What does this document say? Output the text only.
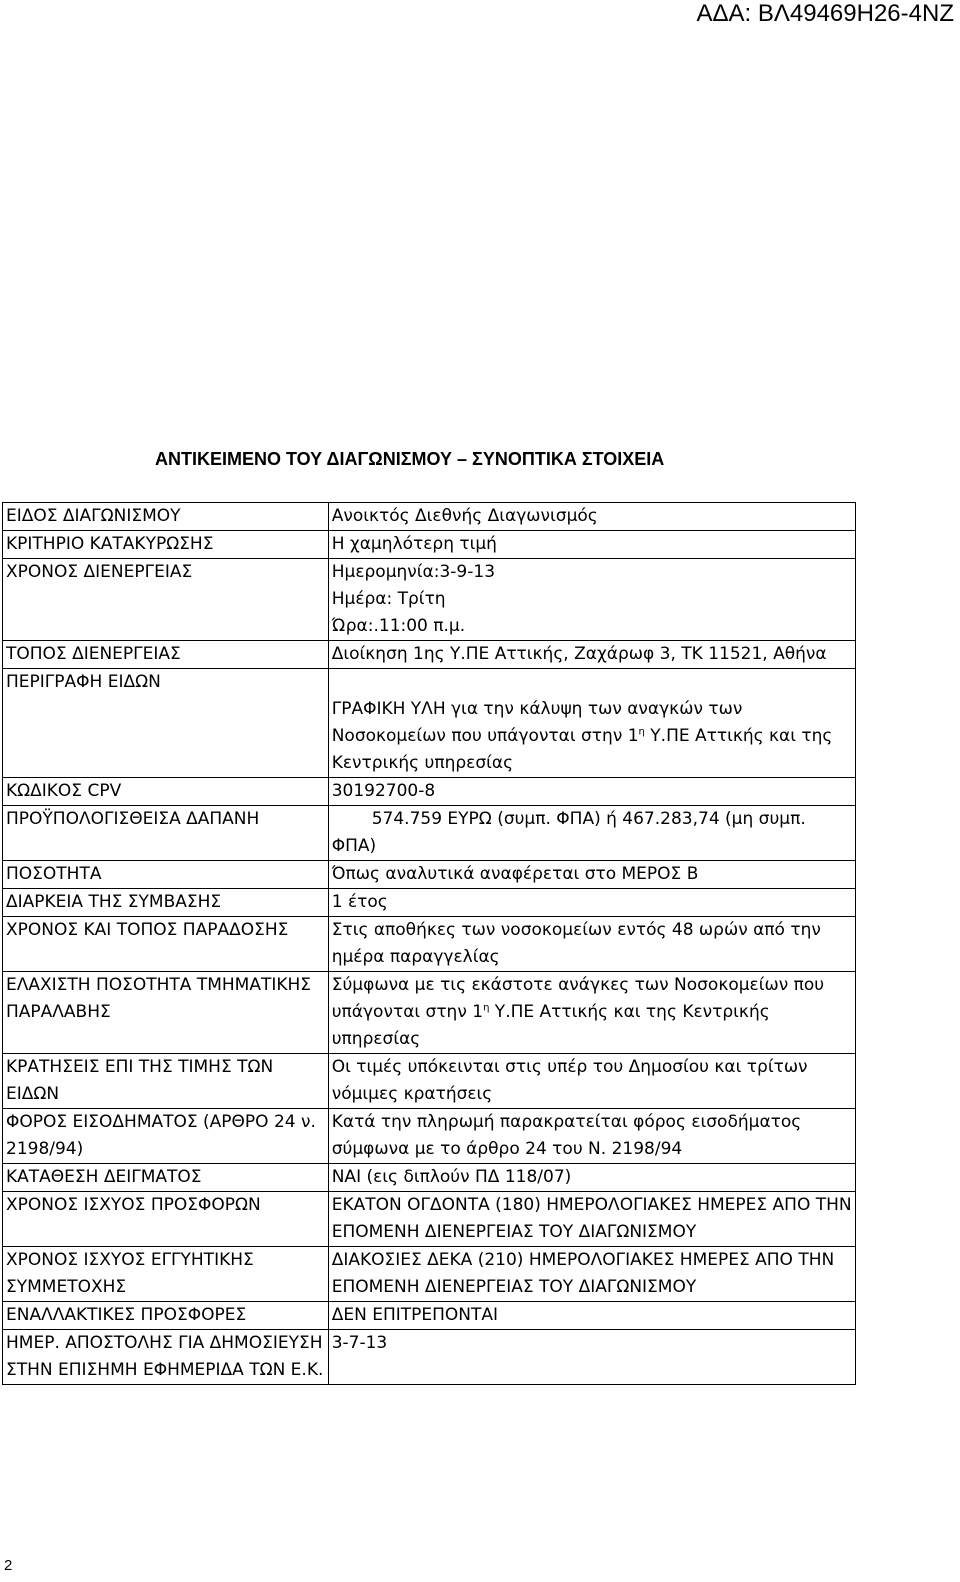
ΑΔΑ: ΒΛ49469Η26-4ΝΖ
ΑΝΤΙΚΕΙΜΕΝΟ ΤΟΥ ΔΙΑΓΩΝΙΣΜΟΥ – ΣΥΝΟΠΤΙΚΑ ΣΤΟΙΧΕΙΑ
ΕΙΔΟΣ ΔΙΑΓΩΝΙΣΜΟΥ	Ανοικτός Διεθνής Διαγωνισμός
ΚΡΙΤΗΡΙΟ ΚΑΤΑΚΥΡΩΣΗΣ	Η χαμηλότερη τιμή
ΧΡΟΝΟΣ ΔΙΕΝΕΡΓΕΙΑΣ	Ημερομηνία:3-9-13
Ημέρα: Τρίτη
Ώρα:.11:00 π.μ.

ΤΟΠΟΣ ΔΙΕΝΕΡΓΕΙΑΣ	Διοίκηση 1ης Υ.ΠΕ Αττικής, Ζαχάρωφ 3, ΤΚ 11521, Αθήνα
ΠΕΡΙΓΡΑΦΗ ΕΙΔΩΝ	ΓΡΑΦΙΚΗ ΥΛΗ για την κάλυψη των αναγκών των Νοσοκομείων που υπάγονται στην $1^\eta$ Υ.ΠΕ Αττικής και της Κεντρικής υπηρεσίας
ΚΩΔΙΚΟΣ CPV	30192700-8
ΠΡΟΫΠΟΛΟΓΙΣΘΕΙΣΑ ΔΑΠΑΝΗ	574.759 ΕΥΡΩ (συμπ. ΦΠΑ) ή 467.283,74 (μη συμπ. ΦΠΑ)
ΠΟΣΟΤΗΤΑ	Όπως αναλυτικά αναφέρεται στο ΜΕΡΟΣ Β
ΔΙΑΡΚΕΙΑ ΤΗΣ ΣΥΜΒΑΣΗΣ	1 έτος
ΧΡΟΝΟΣ ΚΑΙ ΤΟΠΟΣ ΠΑΡΑΔΟΣΗΣ	Στις αποθήκες των νοσοκομείων εντός 48 ωρών από την ημέρα παραγγελίας
ΕΛΑΧΙΣΤΗ ΠΟΣΟΤΗΤΑ ΤΜΗΜΑΤΙΚΗΣ ΠΑΡΑΛΑΒΗΣ	Σύμφωνα με τις εκάστοτε ανάγκες των Νοσοκομείων που υπάγονται στην $1^\eta$ Υ.ΠΕ Αττικής και της Κεντρικής υπηρεσίας
ΚΡΑΤΗΣΕΙΣ ΕΠΙ ΤΗΣ ΤΙΜΗΣ ΤΩΝ ΕΙΔΩΝ	Οι τιμές υπόκεινται στις υπέρ του Δημοσίου και τρίτων νόμιμες κρατήσεις
ΦΟΡΟΣ ΕΙΣΟΔΗΜΑΤΟΣ (ΑΡΘΡΟ 24 ν. 2198/94)	Κατά την πληρωμή παρακρατείται φόρος εισοδήματος σύμφωνα με το άρθρο 24 του Ν. 2198/94
ΚΑΤΑΘΕΣΗ ΔΕΙΓΜΑΤΟΣ	ΝΑΙ (εις διπλούν ΠΔ 118/07)
ΧΡΟΝΟΣ ΙΣΧΥΟΣ ΠΡΟΣΦΟΡΩΝ	ΕΚΑΤΟΝ ΟΓΔΟΝΤΑ (180) ΗΜΕΡΟΛΟΓΙΑΚΕΣ ΗΜΕΡΕΣ ΑΠΟ ΤΗΝ ΕΠΟΜΕΝΗ ΔΙΕΝΕΡΓΕΙΑΣ ΤΟΥ ΔΙΑΓΩΝΙΣΜΟΥ
ΧΡΟΝΟΣ ΙΣΧΥΟΣ ΕΓΓΥΗΤΙΚΗΣ ΣΥΜΜΕΤΟΧΗΣ	ΔΙΑΚΟΣΙΕΣ ΔΕΚΑ (210) ΗΜΕΡΟΛΟΓΙΑΚΕΣ ΗΜΕΡΕΣ ΑΠΟ ΤΗΝ ΕΠΟΜΕΝΗ ΔΙΕΝΕΡΓΕΙΑΣ ΤΟΥ ΔΙΑΓΩΝΙΣΜΟΥ
ΕΝΑΛΛΑΚΤΙΚΕΣ ΠΡΟΣΦΟΡΕΣ	ΔΕΝ ΕΠΙΤΡΕΠΟΝΤΑΙ
ΗΜΕΡ. ΑΠΟΣΤΟΛΗΣ ΓΙΑ ΔΗΜΟΣΙΕΥΣΗ ΣΤΗΝ ΕΠΙΣΗΜΗ ΕΦΗΜΕΡΙΔΑ ΤΩΝ Ε.Κ.	3-7-13
2
